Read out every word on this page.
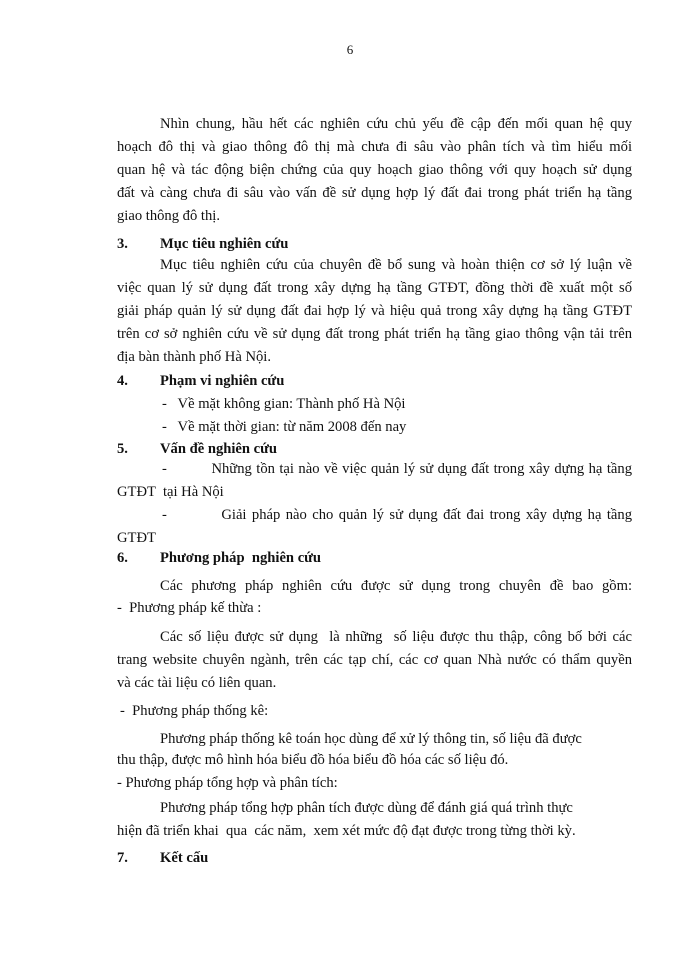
6
Nhìn chung, hầu hết các nghiên cứu chủ yếu đề cập đến mối quan hệ quy
hoạch đô thị và giao thông đô thị mà chưa đi sâu vào phân tích và tìm hiểu mối
quan hệ và tác động biện chứng của quy hoạch giao thông với quy hoạch sử dụng
đất và càng chưa đi sâu vào vấn đề sử dụng hợp lý đất đai trong phát triển hạ tầng
giao thông đô thị.
3. Mục tiêu nghiên cứu
Mục tiêu nghiên cứu của chuyên đề bổ sung và hoàn thiện cơ sở lý luận về
việc quan lý sử dụng đất trong xây dựng hạ tầng GTĐT, đồng thời đề xuất một số
giải pháp quản lý sử dụng đất đai hợp lý và hiệu quả trong xây dựng hạ tầng GTĐT
trên cơ sở nghiên cứu về sử dụng đất trong phát triển hạ tầng giao thông vận tải trên
địa bàn thành phố Hà Nội.
4. Phạm vi nghiên cứu
-   Về mặt không gian: Thành phố Hà Nội
-   Về mặt thời gian: từ năm 2008 đến nay
5. Vấn đề nghiên cứu
-          Những tồn tại nào về việc quản lý sử dụng đất trong xây dựng hạ tầng
GTĐT  tại Hà Nội
-          Giải pháp nào cho quản lý sử dụng đất đai trong xây dựng hạ tầng
GTĐT
6. Phương pháp  nghiên cứu
Các phương pháp nghiên cứu được sử dụng trong chuyên đề bao gồm:
-  Phương pháp kế thừa :
Các số liệu được sử dụng  là những  số liệu được thu thập, công bố bởi các
trang website chuyên ngành, trên các tạp chí, các cơ quan Nhà nước có thẩm quyền
và các tài liệu có liên quan.
-  Phương pháp thống kê:
Phương pháp thống kê toán học dùng để xử lý thông tin, số liệu đã được
thu thập, được mô hình hóa biểu đồ hóa biểu đồ hóa các số liệu đó.
- Phương pháp tổng hợp và phân tích:
Phương pháp tổng hợp phân tích được dùng để đánh giá quá trình thực
hiện đã triển khai  qua  các năm,  xem xét mức độ đạt được trong từng thời kỳ.
7. Kết cấu
